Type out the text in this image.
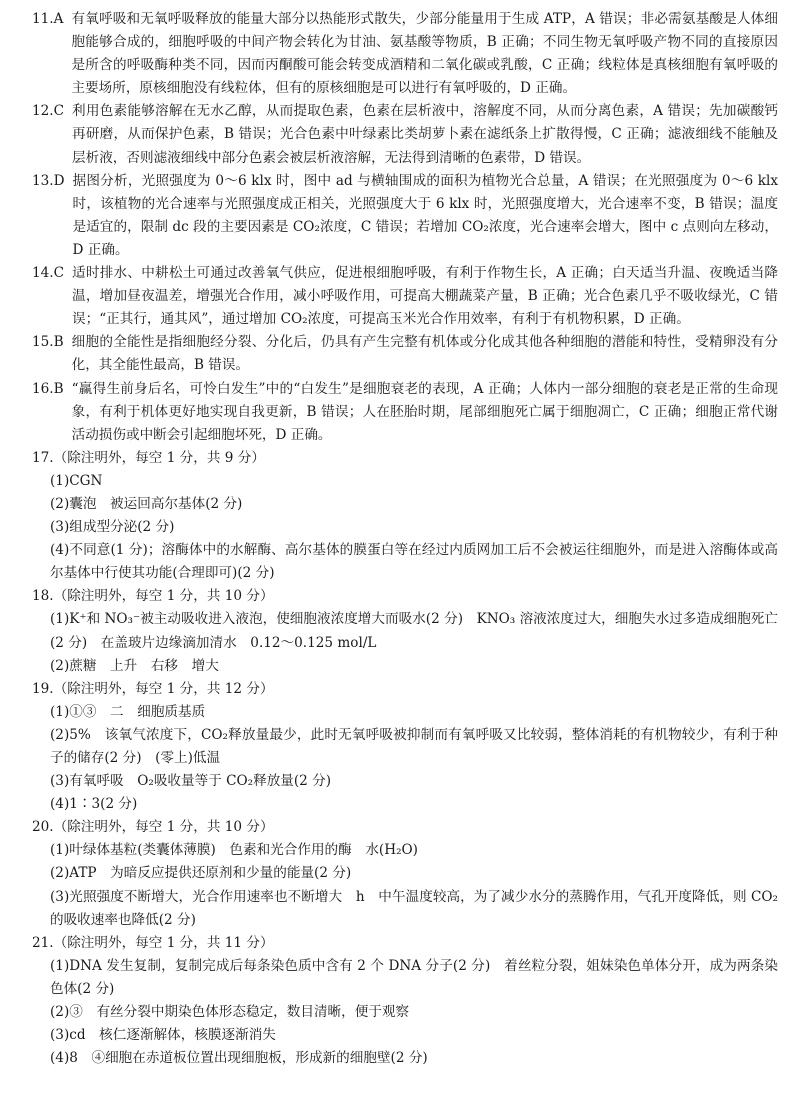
11. A 有氧呼吸和无氧呼吸释放的能量大部分以热能形式散失，少部分能量用于生成 ATP，A 错误；非必需氨基酸是人体细胞能够合成的，细胞呼吸的中间产物会转化为甘油、氨基酸等物质，B 正确；不同生物无氧呼吸产物不同的直接原因是所含的呼吸酶种类不同，因而丙酮酸可能会转变成酒精和二氧化碳或乳酸，C 正确；线粒体是真核细胞有氧呼吸的主要场所，原核细胞没有线粒体，但有的原核细胞是可以进行有氧呼吸的，D 正确。
12. C 利用色素能够溶解在无水乙醇，从而提取色素，色素在层析液中，溶解度不同，从而分离色素，A 错误；先加碳酸钙再研磨，从而保护色素，B 错误；光合色素中叶绿素比类胡萝卜素在滤纸条上扩散得慢，C 正确；滤液细线不能触及层析液，否则滤液细线中部分色素会被层析液溶解，无法得到清晰的色素带，D 错误。
13. D 据图分析，光照强度为 0～6 klx 时，图中 ad 与横轴围成的面积为植物光合总量，A 错误；在光照强度为 0～6 klx 时，该植物的光合速率与光照强度成正相关，光照强度大于 6 klx 时，光照强度增大，光合速率不变，B 错误；温度是适宜的，限制 dc 段的主要因素是 CO₂浓度，C 错误；若增加 CO₂浓度，光合速率会增大，图中 c 点则向左移动，D 正确。
14. C 适时排水、中耕松土可通过改善氧气供应，促进根细胞呼吸，有利于作物生长，A 正确；白天适当升温、夜晚适当降温，增加昼夜温差，增强光合作用，减小呼吸作用，可提高大棚蔬菜产量，B 正确；光合色素几乎不吸收绿光，C 错误；“正其行，通其风”，通过增加 CO₂浓度，可提高玉米光合作用效率，有利于有机物积累，D 正确。
15. B 细胞的全能性是指细胞经分裂、分化后，仍具有产生完整有机体或分化成其他各种细胞的潜能和特性，受精卵没有分化，其全能性最高，B 错误。
16. B “赢得生前身后名，可怜白发生”中的“白发生”是细胞衰老的表现，A 正确；人体内一部分细胞的衰老是正常的生命现象，有利于机体更好地实现自我更新，B 错误；人在胚胎时期，尾部细胞死亡属于细胞凋亡，C 正确；细胞正常代谢活动损伤或中断会引起细胞坏死，D 正确。

17.（除注明外，每空 1 分，共 9 分）

(1)CGN

(2)囊泡　被运回高尔基体(2 分)

(3)组成型分泌(2 分)

(4)不同意(1 分)；溶酶体中的水解酶、高尔基体的膜蛋白等在经过内质网加工后不会被运往细胞外，而是进入溶酶体或高尔基体中行使其功能(合理即可)(2 分)

18.（除注明外，每空 1 分，共 10 分）

(1)K⁺和 NO₃⁻被主动吸收进入液泡，使细胞液浓度增大而吸水(2 分)　KNO₃ 溶液浓度过大，细胞失水过多造成细胞死亡(2 分)　在盖玻片边缘滴加清水　0.12～0.125 mol/L

(2)蔗糖　上升　右移　增大

19.（除注明外，每空 1 分，共 12 分）

(1)①③　二　细胞质基质

(2)5%　该氧气浓度下，CO₂释放量最少，此时无氧呼吸被抑制而有氧呼吸又比较弱，整体消耗的有机物较少，有利于种子的储存(2 分)　(零上)低温

(3)有氧呼吸　O₂吸收量等于 CO₂释放量(2 分)

(4)1∶3(2 分)

20.（除注明外，每空 1 分，共 10 分）

(1)叶绿体基粒(类囊体薄膜)　色素和光合作用的酶　水(H₂O)

(2)ATP　为暗反应提供还原剂和少量的能量(2 分)

(3)光照强度不断增大，光合作用速率也不断增大　h　中午温度较高，为了减少水分的蒸腾作用，气孔开度降低，则 CO₂的吸收速率也降低(2 分)

21.（除注明外，每空 1 分，共 11 分）

(1)DNA 发生复制，复制完成后每条染色质中含有 2 个 DNA 分子(2 分)　着丝粒分裂，姐妹染色单体分开，成为两条染色体(2 分)

(2)③　有丝分裂中期染色体形态稳定，数目清晰，便于观察

(3)cd　核仁逐渐解体，核膜逐渐消失

(4)8　④细胞在赤道板位置出现细胞板，形成新的细胞壁(2 分)
